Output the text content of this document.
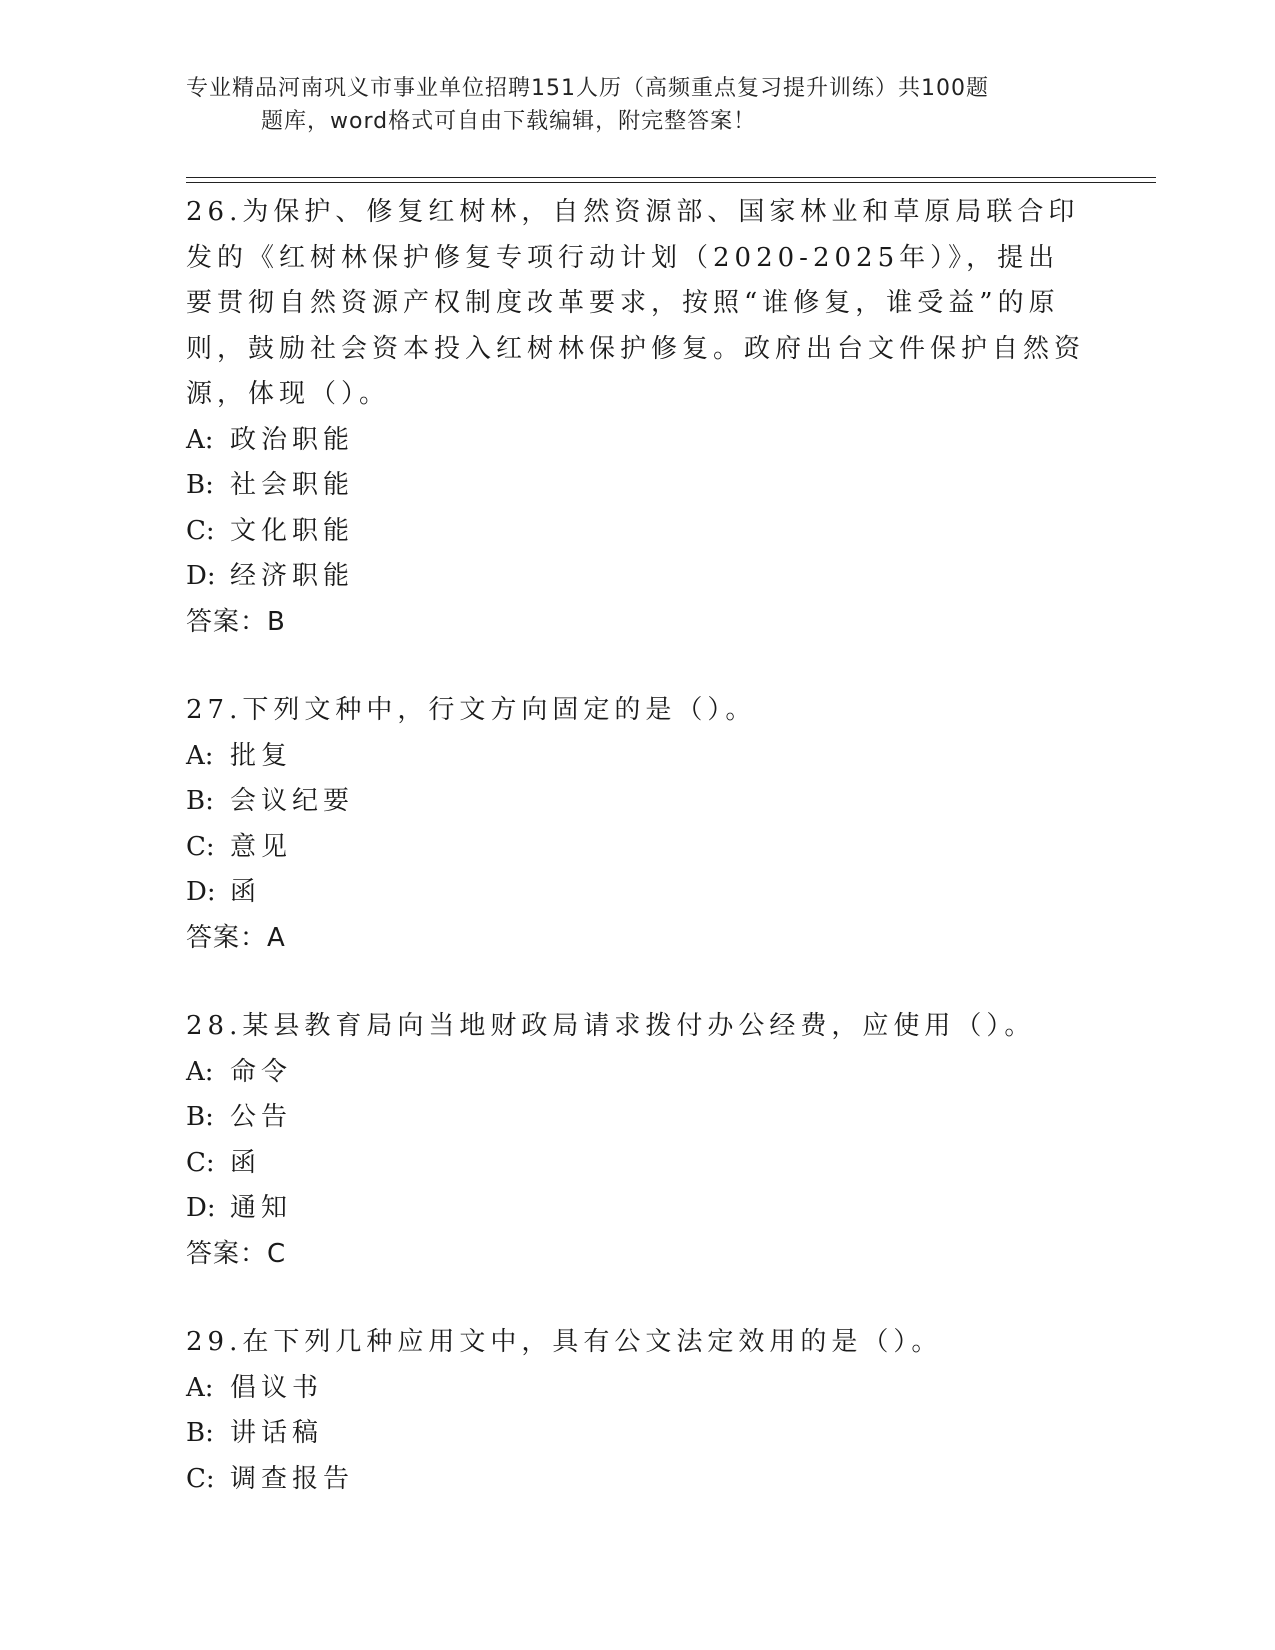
专业精品河南巩义市事业单位招聘151人历（高频重点复习提升训练）共100题
题库，word格式可自由下载编辑，附完整答案！

26.为保护、修复红树林，自然资源部、国家林业和草原局联合印发的《红树林保护修复专项行动计划（2020-2025年）》，提出要贯彻自然资源产权制度改革要求，按照“谁修复，谁受益”的原则，鼓励社会资本投入红树林保护修复。政府出台文件保护自然资源，体现（）。

A: 政治职能
B: 社会职能
C: 文化职能
D: 经济职能

答案：B

27.下列文种中，行文方向固定的是（）。

A: 批复
B: 会议纪要
C: 意见
D: 函

答案：A

28.某县教育局向当地财政局请求拨付办公经费，应使用（）。

A: 命令
B: 公告
C: 函
D: 通知

答案：C

29.在下列几种应用文中，具有公文法定效用的是（）。

A: 倡议书
B: 讲话稿
C: 调查报告
